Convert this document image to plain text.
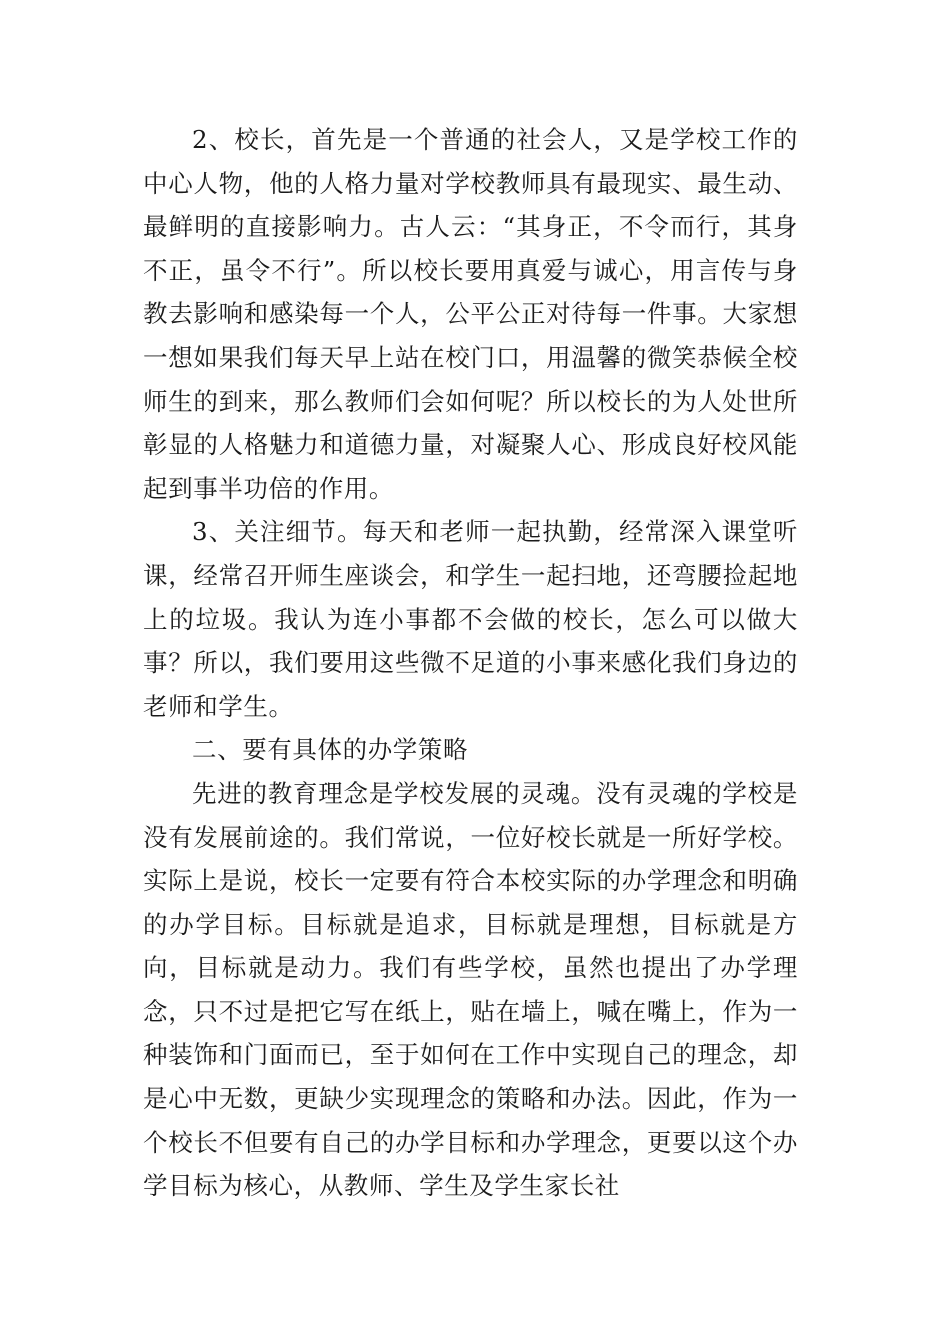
2、校长，首先是一个普通的社会人，又是学校工作的中心人物，他的人格力量对学校教师具有最现实、最生动、最鲜明的直接影响力。古人云：“其身正，不令而行，其身不正，虽令不行”。所以校长要用真爱与诚心，用言传与身教去影响和感染每一个人，公平公正对待每一件事。大家想一想如果我们每天早上站在校门口，用温馨的微笑恭候全校师生的到来，那么教师们会如何呢？所以校长的为人处世所彰显的人格魅力和道德力量，对凝聚人心、形成良好校风能起到事半功倍的作用。

3、关注细节。每天和老师一起执勤，经常深入课堂听课，经常召开师生座谈会，和学生一起扫地，还弯腰捡起地上的垃圾。我认为连小事都不会做的校长，怎么可以做大事？所以，我们要用这些微不足道的小事来感化我们身边的老师和学生。

二、要有具体的办学策略

先进的教育理念是学校发展的灵魂。没有灵魂的学校是没有发展前途的。我们常说，一位好校长就是一所好学校。实际上是说，校长一定要有符合本校实际的办学理念和明确的办学目标。目标就是追求，目标就是理想，目标就是方向，目标就是动力。我们有些学校，虽然也提出了办学理念，只不过是把它写在纸上，贴在墙上，喊在嘴上，作为一种装饰和门面而已，至于如何在工作中实现自己的理念，却是心中无数，更缺少实现理念的策略和办法。因此，作为一个校长不但要有自己的办学目标和办学理念，更要以这个办学目标为核心，从教师、学生及学生家长社
